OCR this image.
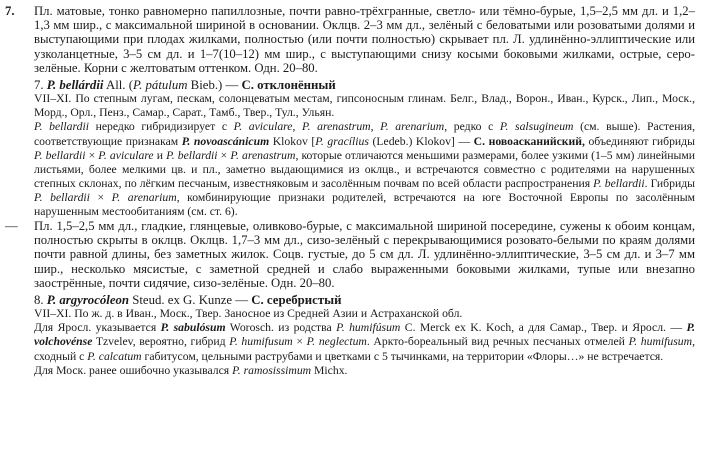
7.	Пл. матовые, тонко равномерно папиллозные, почти равно-трёхгранные, светло- или тёмно-бурые, 1,5–2,5 мм дл. и 1,2–1,3 мм шир., с максимальной шириной в основании. Оклцв. 2–3 мм дл., зелёный с беловатыми или розоватыми долями и выступающими при плодах жилками, полностью (или почти полностью) скрывает пл. Л. удлинённо-эллиптические или узколанцетные, 3–5 см дл. и 1–7(10–12) мм шир., с выступающими снизу косыми боковыми жилками, острые, серо-зелёные. Корни с желтоватым оттенком. Одн. 20–80.
7. P. bellárdii All. (P. pátulum Bieb.) — С. отклонённый
VII–XI. По степным лугам, пескам, солонцеватым местам, гипсоносным глинам. Белг., Влад., Ворон., Иван., Курск., Лип., Моск., Морд., Орл., Пенз., Самар., Сарат., Тамб., Твер., Тул., Ульян.
P. bellardii нередко гибридизирует с P. aviculare, P. arenastrum, P. arenarium, редко с P. salsugineum (см. выше). Растения, соответствующие признакам P. novoascánicum Klokov [P. gracílius (Ledeb.) Klokov] — С. новоасканийский, объединяют гибриды P. bellardii × P. aviculare и P. bellardii × P. arenastrum, которые отличаются меньшими размерами, более узкими (1–5 мм) линейными листьями, более мелкими цв. и пл., заметно выдающимися из оклцв., и встречаются совместно с родителями на нарушенных степных склонах, по лёгким песчаным, известняковым и засолённым почвам по всей области распространения P. bellardii. Гибриды P. bellardii × P. arenarium, комбинирующие признаки родителей, встречаются на юге Восточной Европы по засолённым нарушенным местообитаниям (см. ст. 6).
—	Пл. 1,5–2,5 мм дл., гладкие, глянцевые, оливково-бурые, с максимальной шириной посередине, сужены к обоим концам, полностью скрыты в оклцв. Оклцв. 1,7–3 мм дл., сизо-зелёный с перекрывающимися розовато-белыми по краям долями почти равной длины, без заметных жилок. Соцв. густые, до 5 см дл. Л. удлинённо-эллиптические, 3–5 см дл. и 3–7 мм шир., несколько мясистые, с заметной средней и слабо выраженными боковыми жилками, тупые или внезапно заострённые, почти сидячие, сизо-зелёные. Одн. 20–80.
8. P. argyrocóleon Steud. ex G. Kunze — С. серебристый
VII–XI. По ж. д. в Иван., Моск., Твер. Заносное из Средней Азии и Астраханской обл.
Для Яросл. указывается P. sabulósum Worosch. из родства P. humifúsum C. Merck ex K. Koch, а для Самар., Твер. и Яросл. — P. volchovénse Tzvelev, вероятно, гибрид P. humifusum × P. neglectum. Аркто-бореальный вид речных песчаных отмелей P. humifusum, сходный с P. calcatum габитусом, цельными раструбами и цветками с 5 тычинками, на территории «Флоры…» не встречается.
Для Моск. ранее ошибочно указывался P. ramosissimum Michx.
